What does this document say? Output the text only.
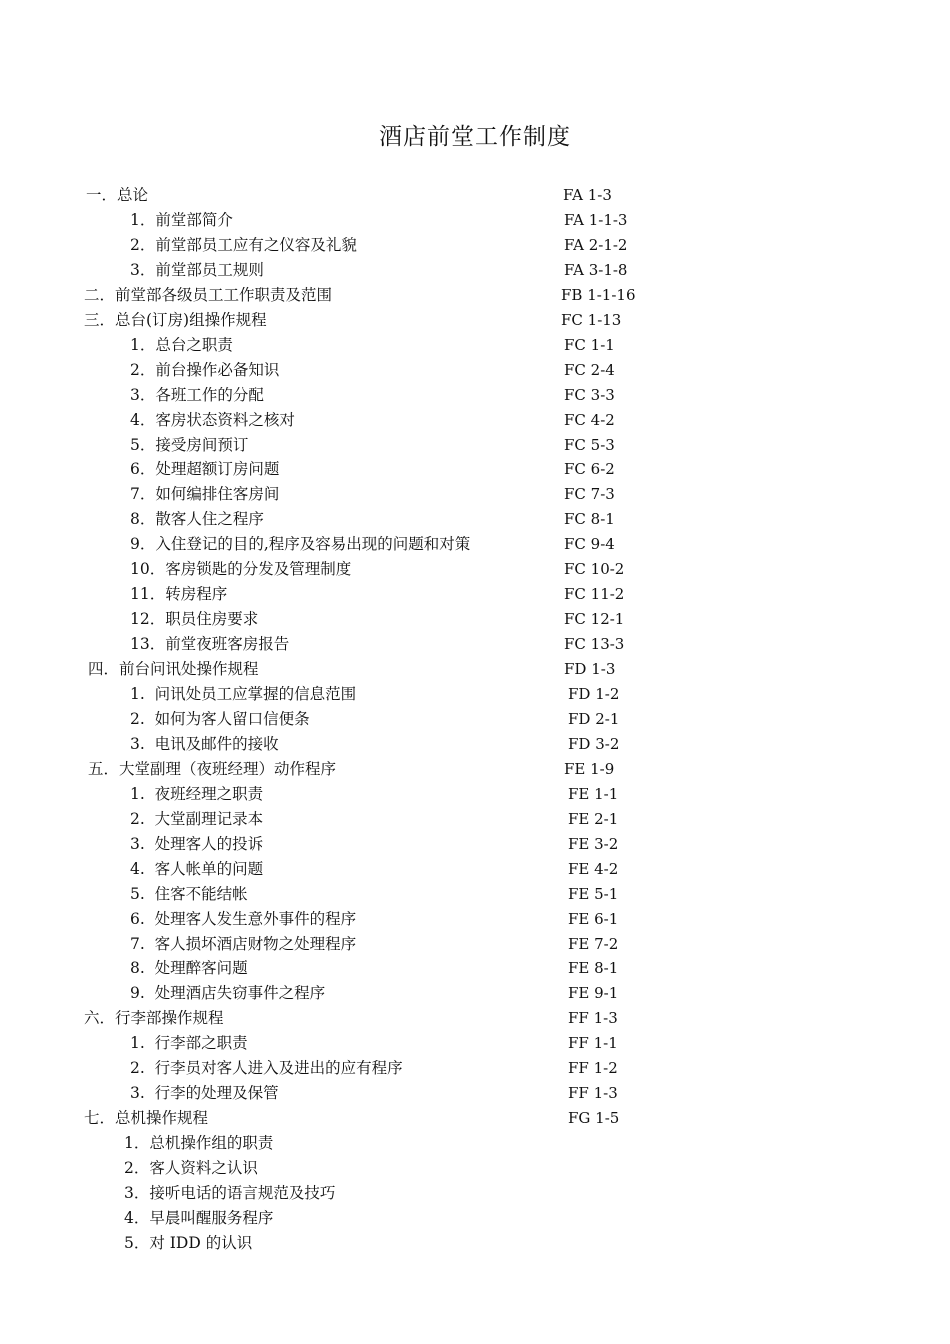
酒店前堂工作制度
一．总论	FA 1-3
1．前堂部简介	FA 1-1-3
2．前堂部员工应有之仪容及礼貌	FA 2-1-2
3．前堂部员工规则	FA 3-1-8
二．前堂部各级员工工作职责及范围	FB 1-1-16
三．总台(订房)组操作规程	FC 1-13
1．总台之职责	FC 1-1
2．前台操作必备知识	FC 2-4
3．各班工作的分配	FC 3-3
4．客房状态资料之核对	FC 4-2
5．接受房间预订	FC 5-3
6．处理超额订房问题	FC 6-2
7．如何编排住客房间	FC 7-3
8．散客人住之程序	FC 8-1
9．入住登记的目的,程序及容易出现的问题和对策	FC 9-4
10．客房锁匙的分发及管理制度	FC 10-2
11．转房程序	FC 11-2
12．职员住房要求	FC 12-1
13．前堂夜班客房报告	FC 13-3
四．前台问讯处操作规程	FD 1-3
1.  问讯处员工应掌握的信息范围	FD 1-2
2.  如何为客人留口信便条	FD 2-1
3.  电讯及邮件的接收	FD 3-2
五．大堂副理（夜班经理）动作程序	FE 1-9
1.  夜班经理之职责	FE 1-1
2.  大堂副理记录本	FE 2-1
3.  处理客人的投诉	FE 3-2
4.  客人帐单的问题	FE 4-2
5.  住客不能结帐	FE 5-1
6.  处理客人发生意外事件的程序	FE 6-1
7.  客人损坏酒店财物之处理程序	FE 7-2
8.  处理醉客问题	FE 8-1
9.  处理酒店失窃事件之程序	FE 9-1
六．行李部操作规程	FF 1-3
1.  行李部之职责	FF 1-1
2.  行李员对客人进入及进出的应有程序	FF 1-2
3.  行李的处理及保管	FF 1-3
七．总机操作规程	FG 1-5
1．总机操作组的职责
2．客人资料之认识
3．接听电话的语言规范及技巧
4．早晨叫醒服务程序
5．对 IDD 的认识
